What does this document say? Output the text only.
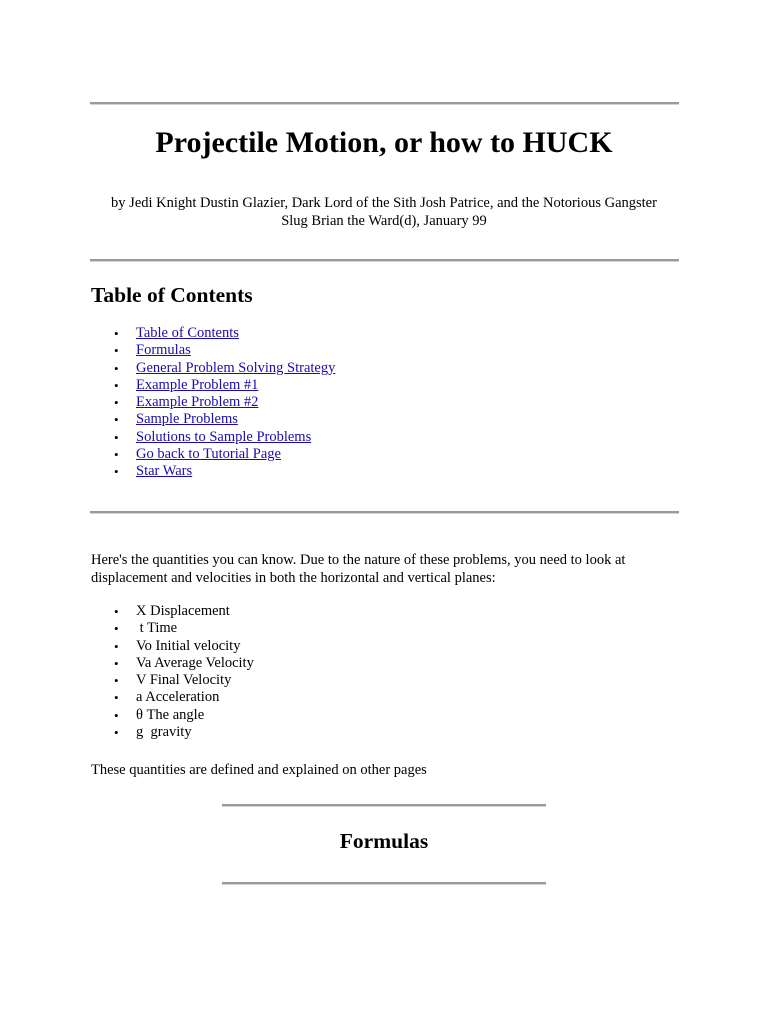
Projectile Motion, or how to HUCK

by Jedi Knight Dustin Glazier, Dark Lord of the Sith Josh Patrice, and the Notorious Gangster Slug Brian the Ward(d), January 99

Table of Contents
• Table of Contents
• Formulas
• General Problem Solving Strategy
• Example Problem #1
• Example Problem #2
• Sample Problems
• Solutions to Sample Problems
• Go back to Tutorial Page
• Star Wars

Here's the quantities you can know. Due to the nature of these problems, you need to look at displacement and velocities in both the horizontal and vertical planes:

• X Displacement
• t Time
• Vo Initial velocity
• Va Average Velocity
• V Final Velocity
• a Acceleration
• θ The angle
• g  gravity

These quantities are defined and explained on other pages

Formulas
